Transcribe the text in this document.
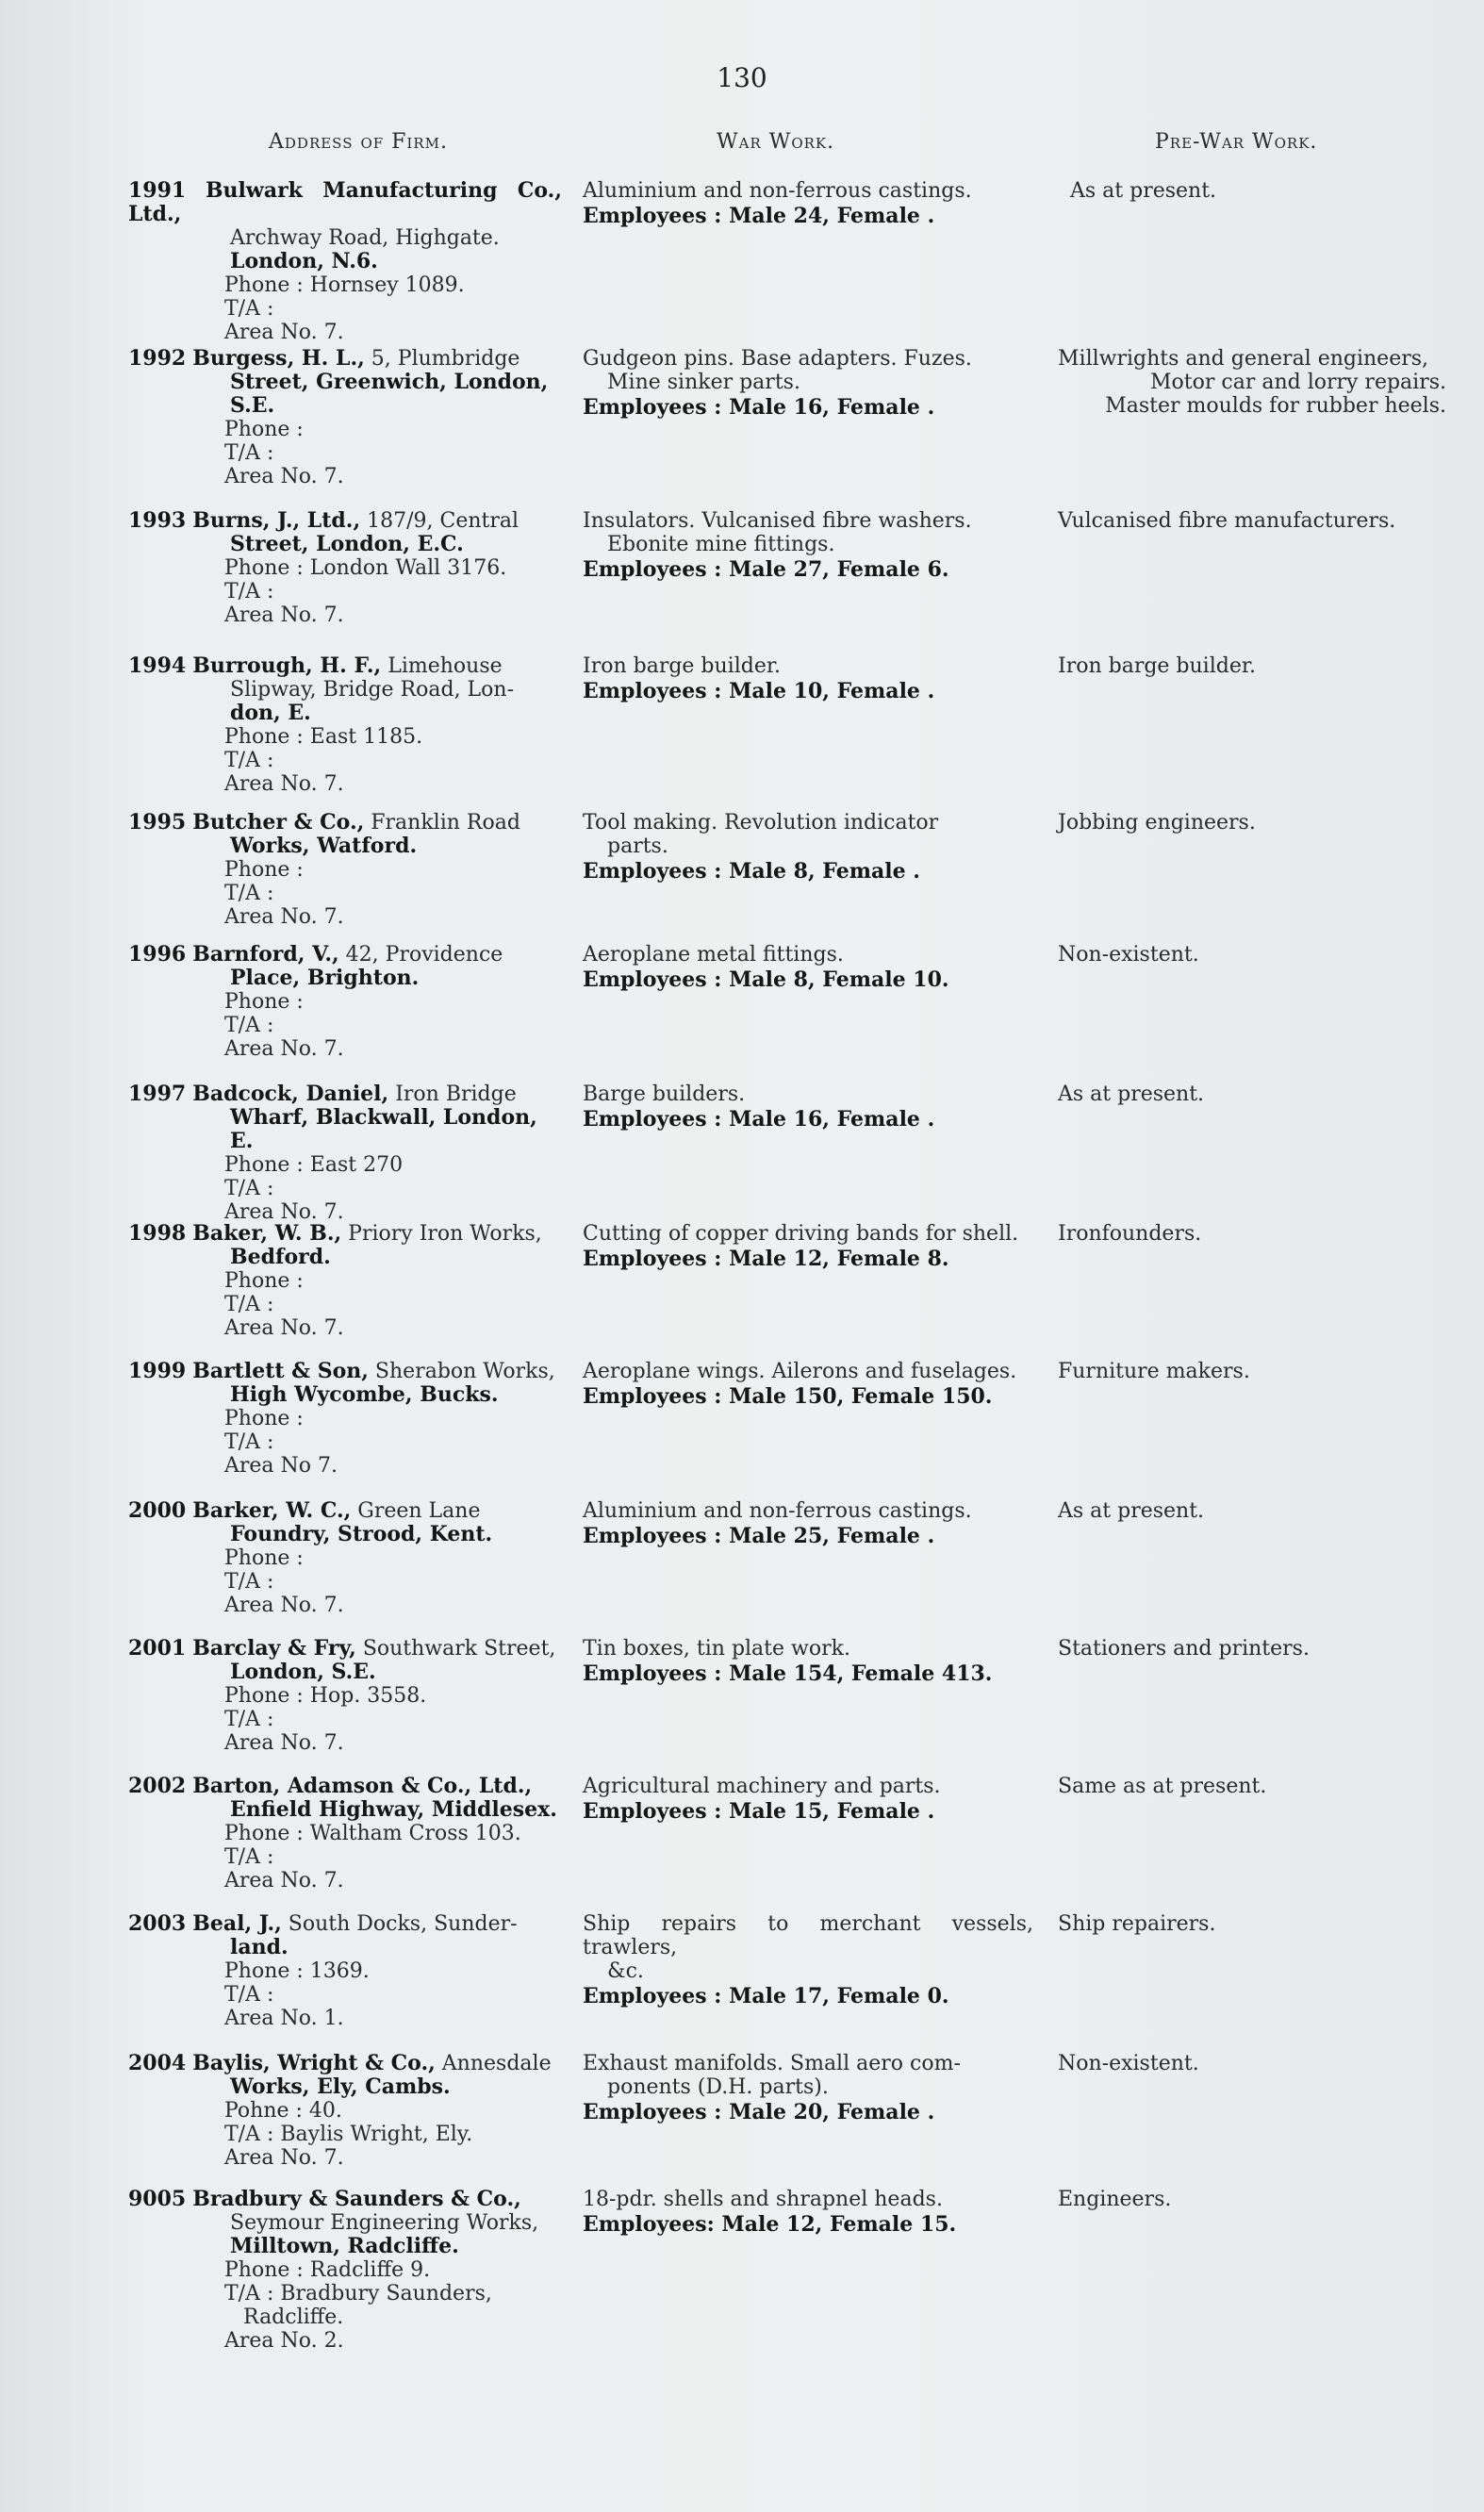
130
Address of Firm.	War Work.	Pre-War Work.
1991 Bulwark Manufacturing Co., Ltd.,
Archway Road, Highgate.
London, N.6.
Phone : Hornsey 1089.
T/A :
Area No. 7.
Aluminium and non-ferrous castings.
Employees : Male 24, Female .
As at present.
1992 Burgess, H. L., 5, Plumbridge
Street, Greenwich, London,
S.E.
Phone :
T/A :
Area No. 7.
Gudgeon pins. Base adapters. Fuzes.
Mine sinker parts.
Employees : Male 16, Female .
Millwrights and general engineers,
Motor car and lorry repairs.
Master moulds for rubber heels.
1993 Burns, J., Ltd., 187/9, Central
Street, London, E.C.
Phone : London Wall 3176.
T/A :
Area No. 7.
Insulators. Vulcanised fibre washers.
Ebonite mine fittings.
Employees : Male 27, Female 6.
Vulcanised fibre manufacturers.
1994 Burrough, H. F., Limehouse
Slipway, Bridge Road, Lon-
don, E.
Phone : East 1185.
T/A :
Area No. 7.
Iron barge builder.
Employees : Male 10, Female .
Iron barge builder.
1995 Butcher & Co., Franklin Road
Works, Watford.
Phone :
T/A :
Area No. 7.
Tool making. Revolution indicator
parts.
Employees : Male 8, Female .
Jobbing engineers.
1996 Barnford, V., 42, Providence
Place, Brighton.
Phone :
T/A :
Area No. 7.
Aeroplane metal fittings.
Employees : Male 8, Female 10.
Non-existent.
1997 Badcock, Daniel, Iron Bridge
Wharf, Blackwall, London, E.
Phone : East 270
T/A :
Area No. 7.
Barge builders.
Employees : Male 16, Female .
As at present.
1998 Baker, W. B., Priory Iron Works,
Bedford.
Phone :
T/A :
Area No. 7.
Cutting of copper driving bands for shell.
Employees : Male 12, Female 8.
Ironfounders.
1999 Bartlett & Son, Sherabon Works,
High Wycombe, Bucks.
Phone :
T/A :
Area No 7.
Aeroplane wings. Ailerons and fuselages.
Employees : Male 150, Female 150.
Furniture makers.
2000 Barker, W. C., Green Lane
Foundry, Strood, Kent.
Phone :
T/A :
Area No. 7.
Aluminium and non-ferrous castings.
Employees : Male 25, Female .
As at present.
2001 Barclay & Fry, Southwark Street,
London, S.E.
Phone : Hop. 3558.
T/A :
Area No. 7.
Tin boxes, tin plate work.
Employees : Male 154, Female 413.
Stationers and printers.
2002 Barton, Adamson & Co., Ltd.,
Enfield Highway, Middlesex.
Phone : Waltham Cross 103.
T/A :
Area No. 7.
Agricultural machinery and parts.
Employees : Male 15, Female .
Same as at present.
2003 Beal, J., South Docks, Sunder-
land.
Phone : 1369.
T/A :
Area No. 1.
Ship repairs to merchant vessels, trawlers,
&c.
Employees : Male 17, Female 0.
Ship repairers.
2004 Baylis, Wright & Co., Annesdale
Works, Ely, Cambs.
Pohne : 40.
T/A : Baylis Wright, Ely.
Area No. 7.
Exhaust manifolds. Small aero com-
ponents (D.H. parts).
Employees : Male 20, Female .
Non-existent.
9005 Bradbury & Saunders & Co.,
Seymour Engineering Works,
Milltown, Radcliffe.
Phone : Radcliffe 9.
T/A : Bradbury Saunders,
Radcliffe.
Area No. 2.
18-pdr. shells and shrapnel heads.
Employees: Male 12, Female 15.
Engineers.
